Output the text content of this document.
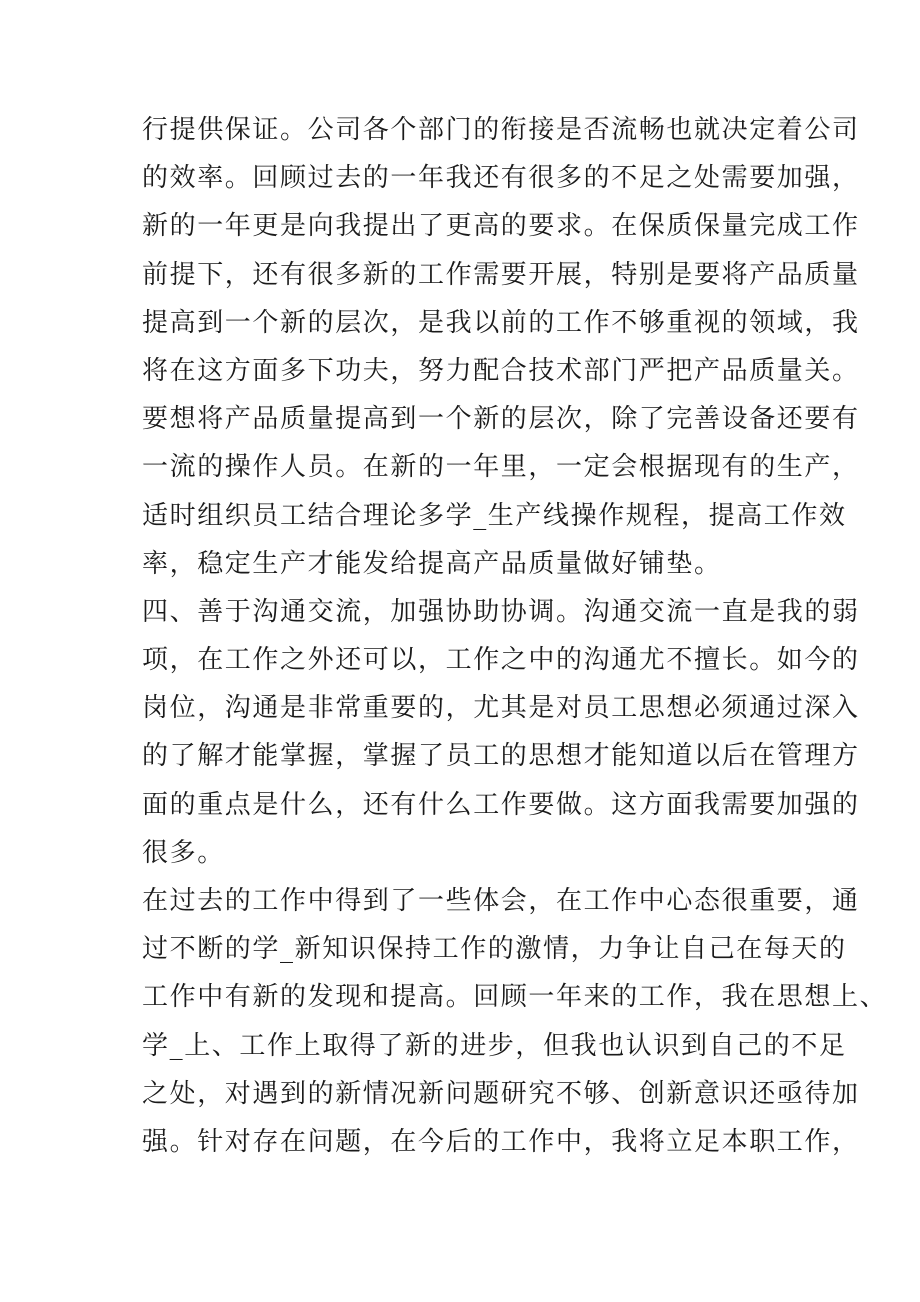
行提供保证。公司各个部门的衔接是否流畅也就决定着公司
的效率。回顾过去的一年我还有很多的不足之处需要加强，
新的一年更是向我提出了更高的要求。在保质保量完成工作
前提下，还有很多新的工作需要开展，特别是要将产品质量
提高到一个新的层次，是我以前的工作不够重视的领域，我
将在这方面多下功夫，努力配合技术部门严把产品质量关。
要想将产品质量提高到一个新的层次，除了完善设备还要有
一流的操作人员。在新的一年里，一定会根据现有的生产，
适时组织员工结合理论多学_生产线操作规程，提高工作效
率，稳定生产才能发给提高产品质量做好铺垫。
四、善于沟通交流，加强协助协调。沟通交流一直是我的弱
项，在工作之外还可以，工作之中的沟通尤不擅长。如今的
岗位，沟通是非常重要的，尤其是对员工思想必须通过深入
的了解才能掌握，掌握了员工的思想才能知道以后在管理方
面的重点是什么，还有什么工作要做。这方面我需要加强的
很多。
在过去的工作中得到了一些体会，在工作中心态很重要，通
过不断的学_新知识保持工作的激情，力争让自己在每天的
工作中有新的发现和提高。回顾一年来的工作，我在思想上、
学_上、工作上取得了新的进步，但我也认识到自己的不足
之处，对遇到的新情况新问题研究不够、创新意识还亟待加
强。针对存在问题，在今后的工作中，我将立足本职工作，
